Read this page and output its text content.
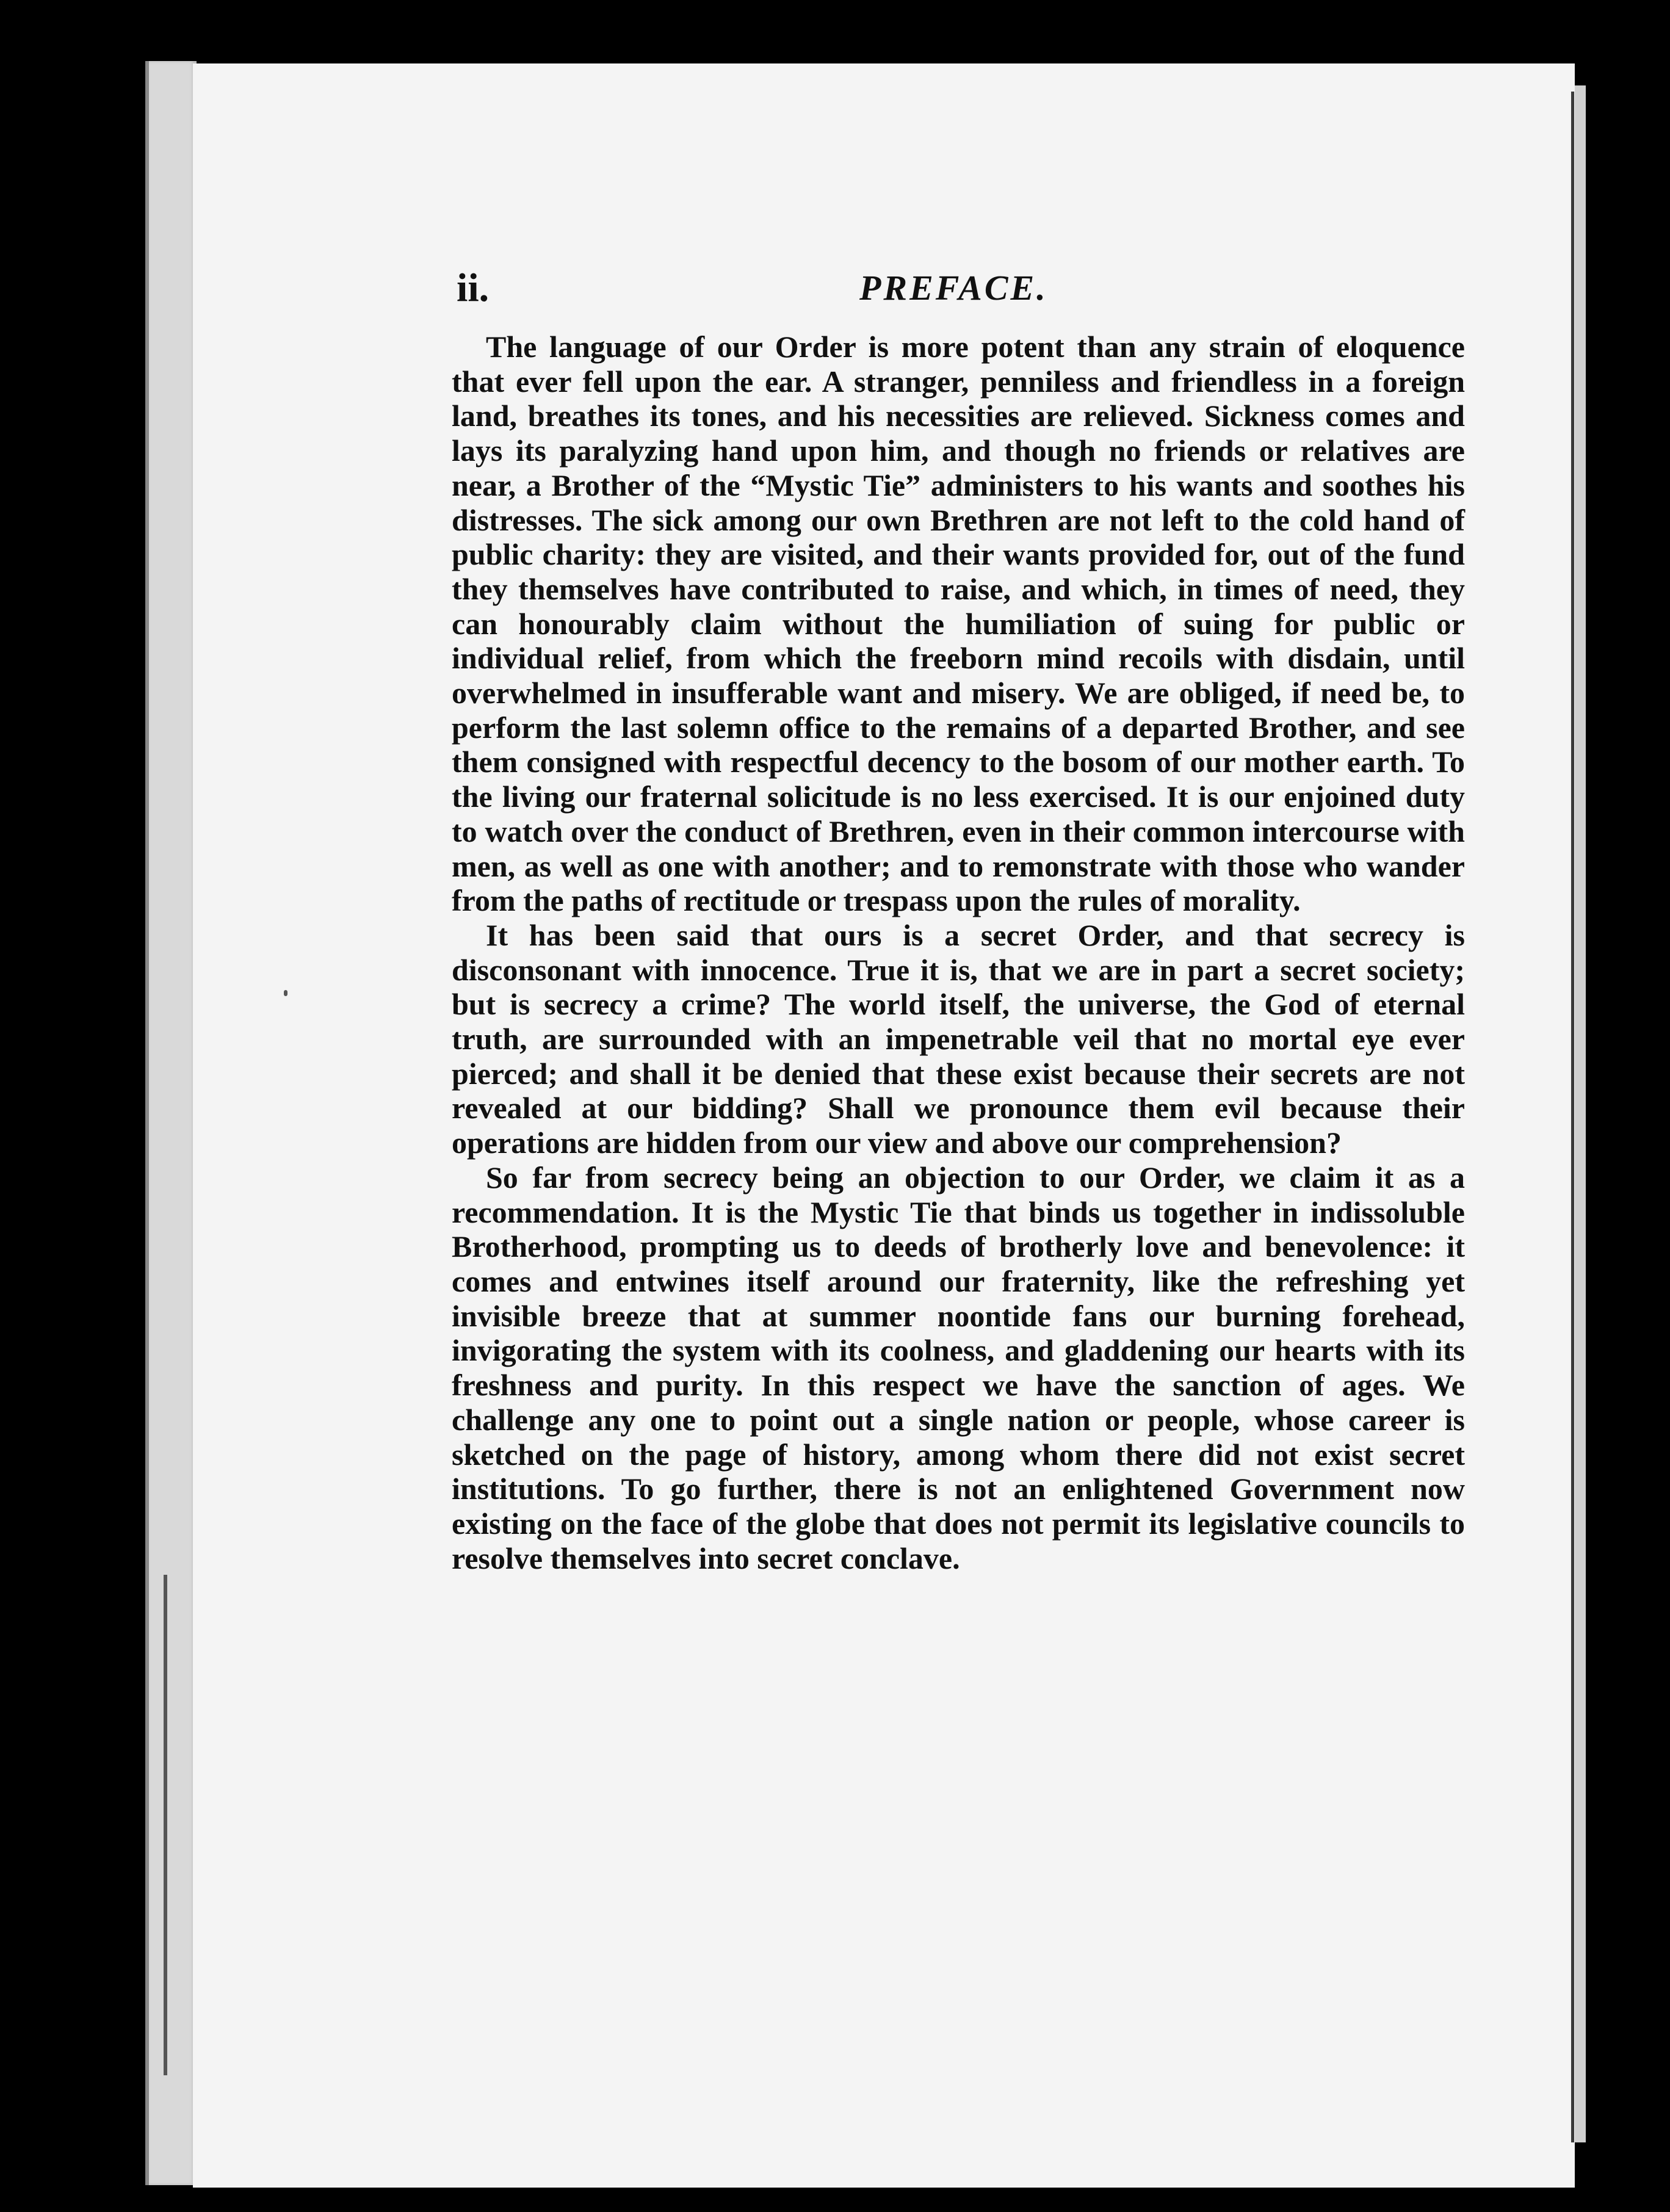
ii.	PREFACE.

The language of our Order is more potent than any strain of eloquence that ever fell upon the ear. A stranger, penniless and friendless in a foreign land, breathes its tones, and his necessities are relieved. Sickness comes and lays its paralyzing hand upon him, and though no friends or relatives are near, a Brother of the “Mystic Tie” administers to his wants and soothes his distresses. The sick among our own Brethren are not left to the cold hand of public charity: they are visited, and their wants provided for, out of the fund they themselves have contributed to raise, and which, in times of need, they can honourably claim without the humiliation of suing for public or individual relief, from which the freeborn mind recoils with disdain, until overwhelmed in insufferable want and misery. We are obliged, if need be, to perform the last solemn office to the remains of a departed Brother, and see them consigned with respectful decency to the bosom of our mother earth. To the living our fraternal solicitude is no less exercised. It is our enjoined duty to watch over the conduct of Brethren, even in their common intercourse with men, as well as one with another; and to remonstrate with those who wander from the paths of rectitude or trespass upon the rules of morality.

It has been said that ours is a secret Order, and that secrecy is disconsonant with innocence. True it is, that we are in part a secret society; but is secrecy a crime? The world itself, the universe, the God of eternal truth, are surrounded with an impenetrable veil that no mortal eye ever pierced; and shall it be denied that these exist because their secrets are not revealed at our bidding? Shall we pronounce them evil because their operations are hidden from our view and above our comprehension?

So far from secrecy being an objection to our Order, we claim it as a recommendation. It is the Mystic Tie that binds us together in indissoluble Brotherhood, prompting us to deeds of brotherly love and benevolence: it comes and entwines itself around our fraternity, like the refreshing yet invisible breeze that at summer noontide fans our burning forehead, invigorating the system with its coolness, and gladdening our hearts with its freshness and purity. In this respect we have the sanction of ages. We challenge any one to point out a single nation or people, whose career is sketched on the page of history, among whom there did not exist secret institutions. To go further, there is not an enlightened Government now existing on the face of the globe that does not permit its legislative councils to resolve themselves into secret conclave.
